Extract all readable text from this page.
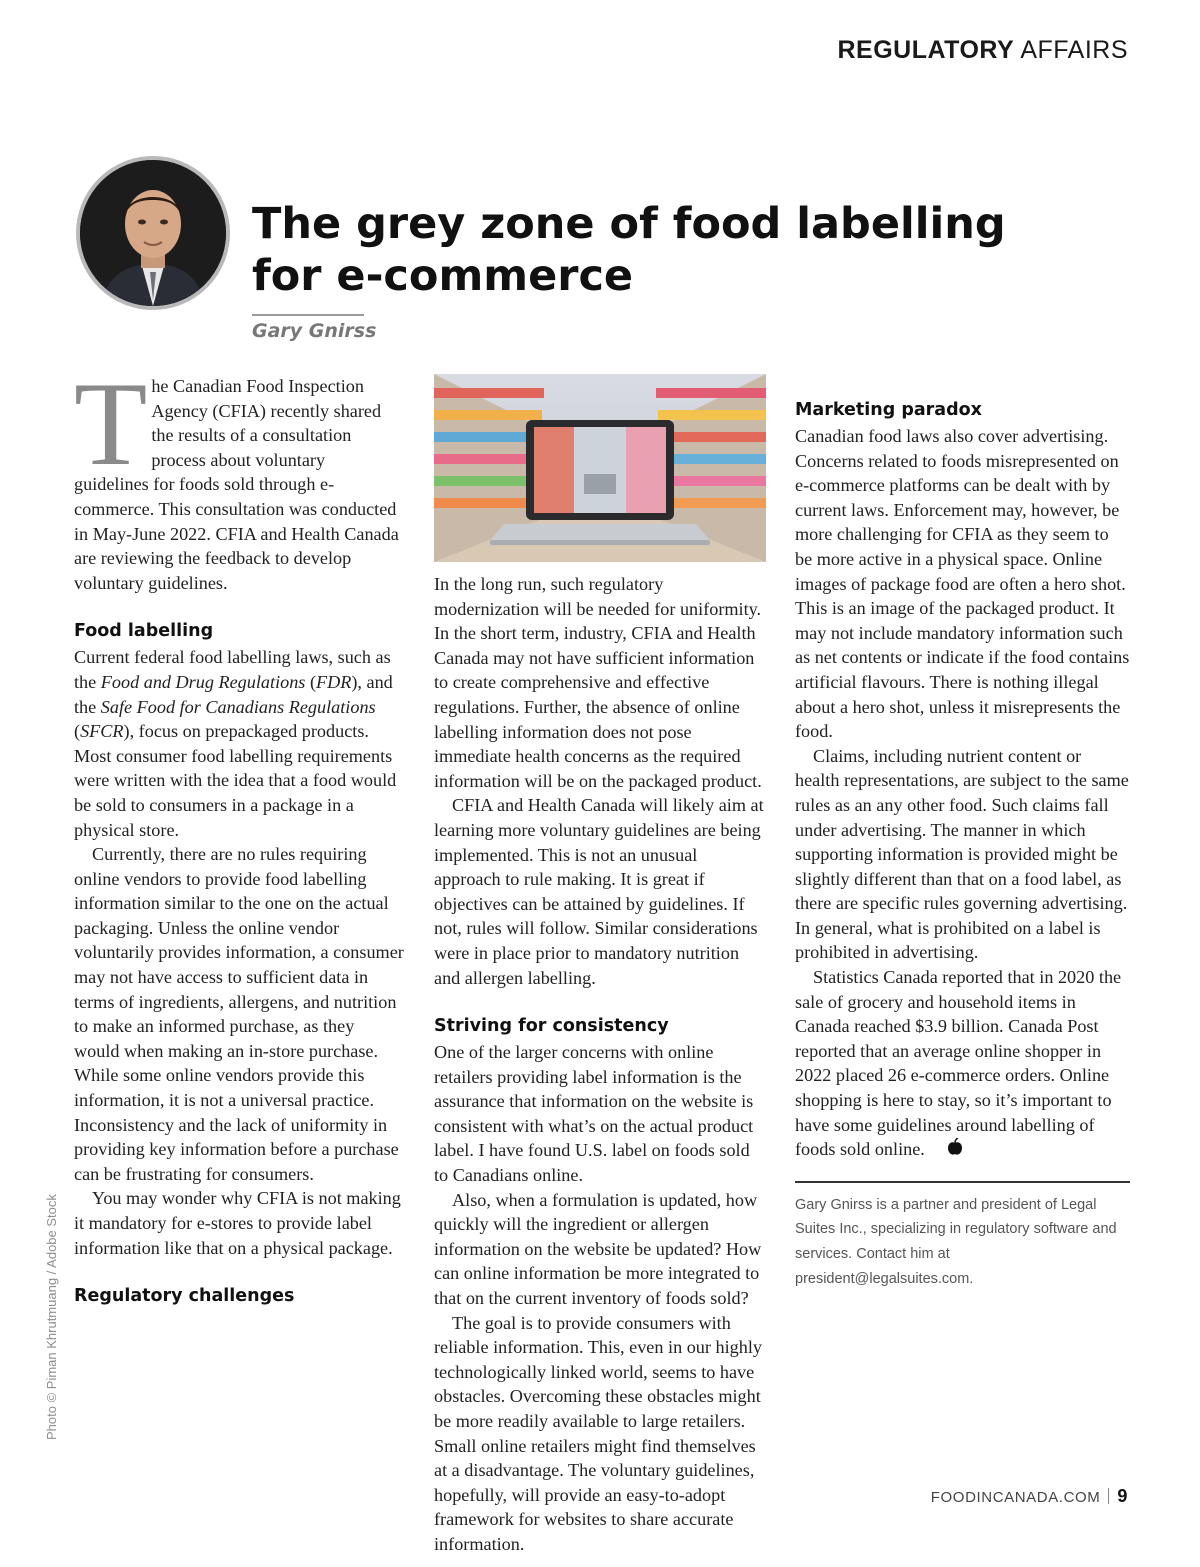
REGULATORY AFFAIRS
The grey zone of food labelling
for e-commerce
Gary Gnirss

The Canadian Food Inspection Agency (CFIA) recently shared the results of a consultation process about voluntary guidelines for foods sold through e-commerce. This consultation was conducted in May-June 2022. CFIA and Health Canada are reviewing the feedback to develop voluntary guidelines.

Food labelling

Current federal food labelling laws, such as the Food and Drug Regulations (FDR), and the Safe Food for Canadians Regulations (SFCR), focus on prepackaged products. Most consumer food labelling requirements were written with the idea that a food would be sold to consumers in a package in a physical store.

Currently, there are no rules requiring online vendors to provide food labelling information similar to the one on the actual packaging. Unless the online vendor voluntarily provides information, a consumer may not have access to sufficient data in terms of ingredients, allergens, and nutrition to make an informed purchase, as they would when making an in-store purchase. While some online vendors provide this information, it is not a universal practice. Inconsistency and the lack of uniformity in providing key information before a purchase can be frustrating for consumers.

You may wonder why CFIA is not making it mandatory for e-stores to provide label information like that on a physical package.

Regulatory challenges

In the long run, such regulatory modernization will be needed for uniformity. In the short term, industry, CFIA and Health Canada may not have sufficient information to create comprehensive and effective regulations. Further, the absence of online labelling information does not pose immediate health concerns as the required information will be on the packaged product.

CFIA and Health Canada will likely aim at learning more voluntary guidelines are being implemented. This is not an unusual approach to rule making. It is great if objectives can be attained by guidelines. If not, rules will follow. Similar considerations were in place prior to mandatory nutrition and allergen labelling.

Striving for consistency

One of the larger concerns with online retailers providing label information is the assurance that information on the website is consistent with what’s on the actual product label. I have found U.S. label on foods sold to Canadians online.

Also, when a formulation is updated, how quickly will the ingredient or allergen information on the website be updated? How can online information be more integrated to that on the current inventory of foods sold?

The goal is to provide consumers with reliable information. This, even in our highly technologically linked world, seems to have obstacles. Overcoming these obstacles might be more readily available to large retailers. Small online retailers might find themselves at a disadvantage. The voluntary guidelines, hopefully, will provide an easy-to-adopt framework for websites to share accurate information.

Marketing paradox

Canadian food laws also cover advertising. Concerns related to foods misrepresented on e-commerce platforms can be dealt with by current laws. Enforcement may, however, be more challenging for CFIA as they seem to be more active in a physical space. Online images of package food are often a hero shot. This is an image of the packaged product. It may not include mandatory information such as net contents or indicate if the food contains artificial flavours. There is nothing illegal about a hero shot, unless it misrepresents the food.

Claims, including nutrient content or health representations, are subject to the same rules as an any other food. Such claims fall under advertising. The manner in which supporting information is provided might be slightly different than that on a food label, as there are specific rules governing advertising. In general, what is prohibited on a label is prohibited in advertising.

Statistics Canada reported that in 2020 the sale of grocery and household items in Canada reached $3.9 billion. Canada Post reported that an average online shopper in 2022 placed 26 e-commerce orders. Online shopping is here to stay, so it’s important to have some guidelines around labelling of foods sold online.

Gary Gnirss is a partner and president of Legal Suites Inc., specializing in regulatory software and services. Contact him at president@legalsuites.com.

Photo © Piman Khrutmuang / Adobe Stock
FOODINCANADA.COM 9
